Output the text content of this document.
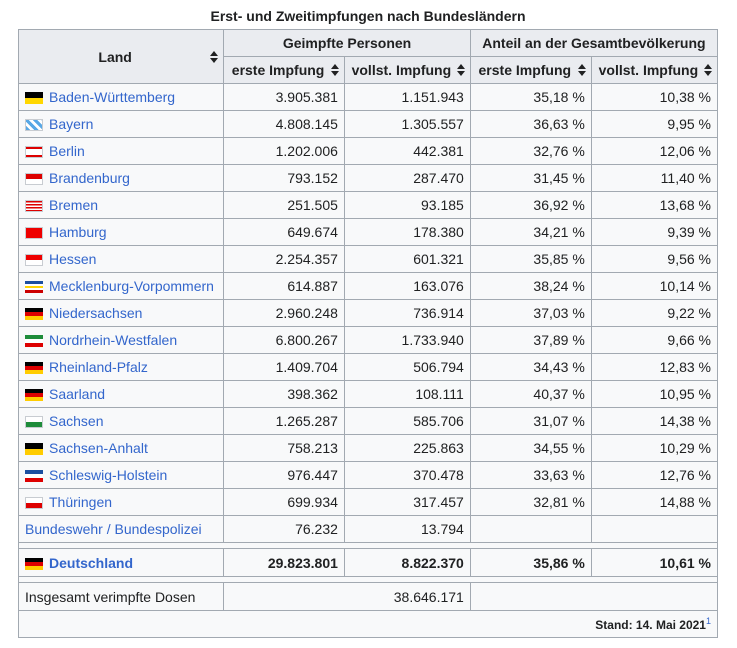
Erst- und Zweitimpfungen nach Bundesländern
Land	Geimpfte Personen		Anteil an der Gesamtbevölkerung	
	erste Impfung	vollst. Impfung	erste Impfung	vollst. Impfung

Baden-Württemberg	3.905.381	1.151.943	35,18 %	10,38 %
Bayern	4.808.145	1.305.557	36,63 %	9,95 %
Berlin	1.202.006	442.381	32,76 %	12,06 %
Brandenburg	793.152	287.470	31,45 %	11,40 %
Bremen	251.505	93.185	36,92 %	13,68 %
Hamburg	649.674	178.380	34,21 %	9,39 %
Hessen	2.254.357	601.321	35,85 %	9,56 %
Mecklenburg-Vorpommern	614.887	163.076	38,24 %	10,14 %
Niedersachsen	2.960.248	736.914	37,03 %	9,22 %
Nordrhein-Westfalen	6.800.267	1.733.940	37,89 %	9,66 %
Rheinland-Pfalz	1.409.704	506.794	34,43 %	12,83 %
Saarland	398.362	108.111	40,37 %	10,95 %
Sachsen	1.265.287	585.706	31,07 %	14,38 %
Sachsen-Anhalt	758.213	225.863	34,55 %	10,29 %
Schleswig-Holstein	976.447	370.478	33,63 %	12,76 %
Thüringen	699.934	317.457	32,81 %	14,88 %
Bundeswehr / Bundespolizei	76.232	13.794		

Deutschland	29.823.801	8.822.370	35,86 %	10,61 %

Insgesamt verimpfte Dosen	38.646.171			
Stand: 14. Mai 2021$^1$
